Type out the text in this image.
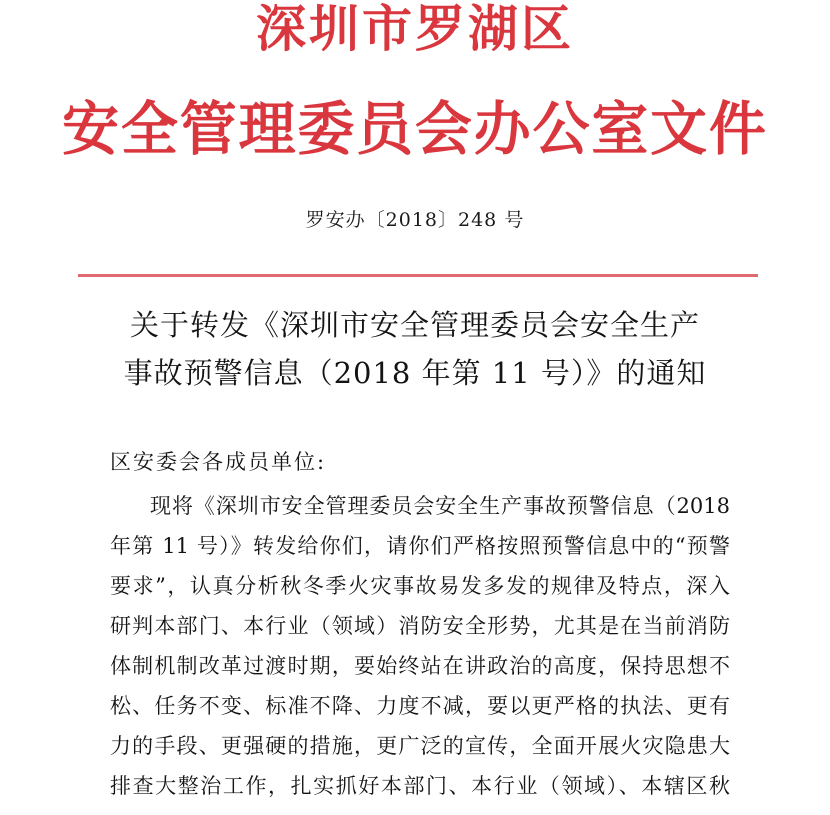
深圳市罗湖区
安全管理委员会办公室文件
罗安办〔2018〕248 号
关于转发《深圳市安全管理委员会安全生产
事故预警信息（2018 年第 11 号）》的通知
区安委会各成员单位:
现将《深圳市安全管理委员会安全生产事故预警信息（2018
年第 11 号）》转发给你们，请你们严格按照预警信息中的“预警
要求”，认真分析秋冬季火灾事故易发多发的规律及特点，深入
研判本部门、本行业（领域）消防安全形势，尤其是在当前消防
体制机制改革过渡时期，要始终站在讲政治的高度，保持思想不
松、任务不变、标准不降、力度不减，要以更严格的执法、更有
力的手段、更强硬的措施，更广泛的宣传，全面开展火灾隐患大
排查大整治工作，扎实抓好本部门、本行业（领域）、本辖区秋
